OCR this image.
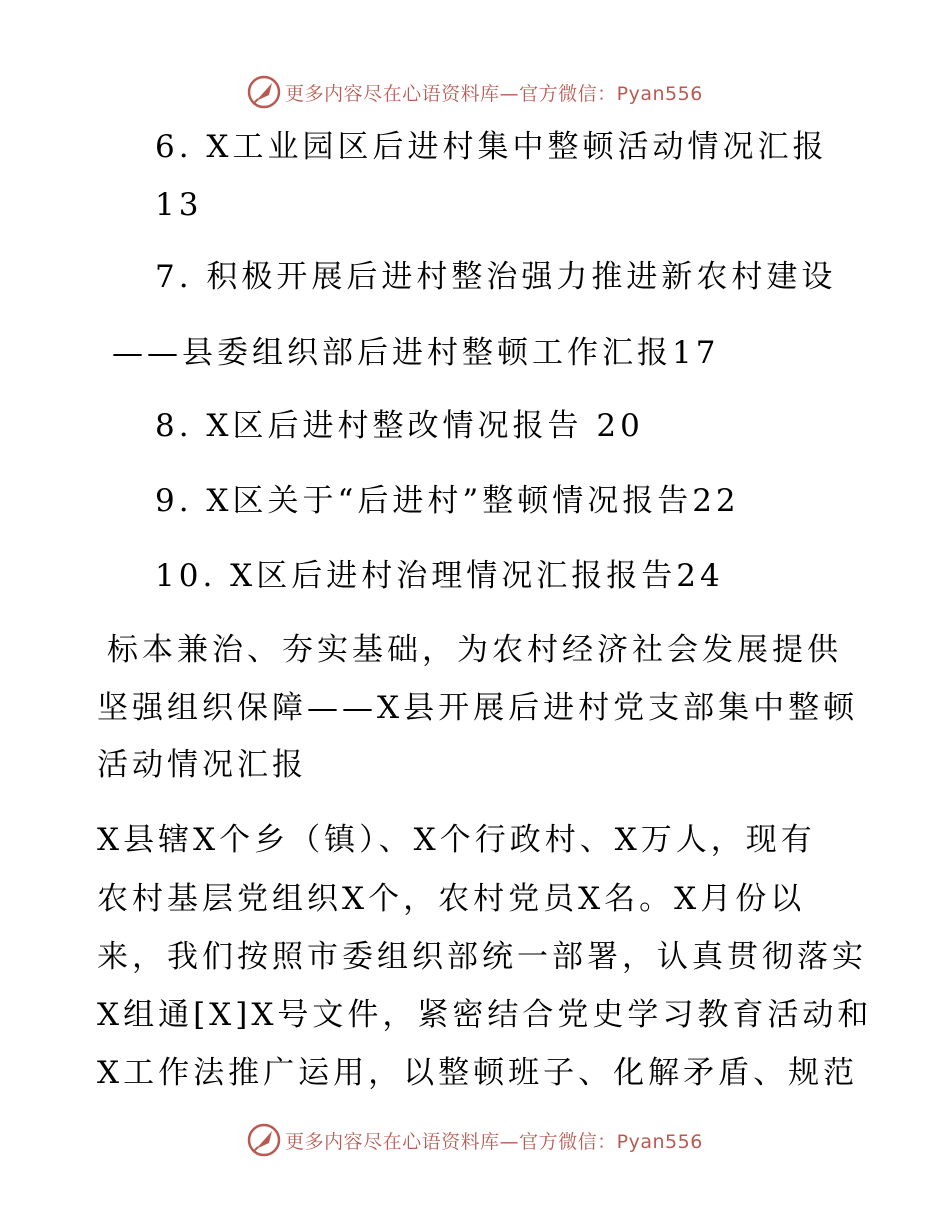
更多内容尽在心语资料库—官方微信：Pyan556
6. X工业园区后进村集中整顿活动情况汇报
13
7. 积极开展后进村整治强力推进新农村建设
——县委组织部后进村整顿工作汇报17
8. X区后进村整改情况报告 20
9. X区关于“后进村”整顿情况报告22
10. X区后进村治理情况汇报报告24
标本兼治、夯实基础，为农村经济社会发展提供
坚强组织保障——X县开展后进村党支部集中整顿
活动情况汇报
X县辖X个乡（镇）、X个行政村、X万人，现有
农村基层党组织X个，农村党员X名。X月份以
来，我们按照市委组织部统一部署，认真贯彻落实
X组通[X]X号文件，紧密结合党史学习教育活动和
X工作法推广运用，以整顿班子、化解矛盾、规范
更多内容尽在心语资料库—官方微信：Pyan556
